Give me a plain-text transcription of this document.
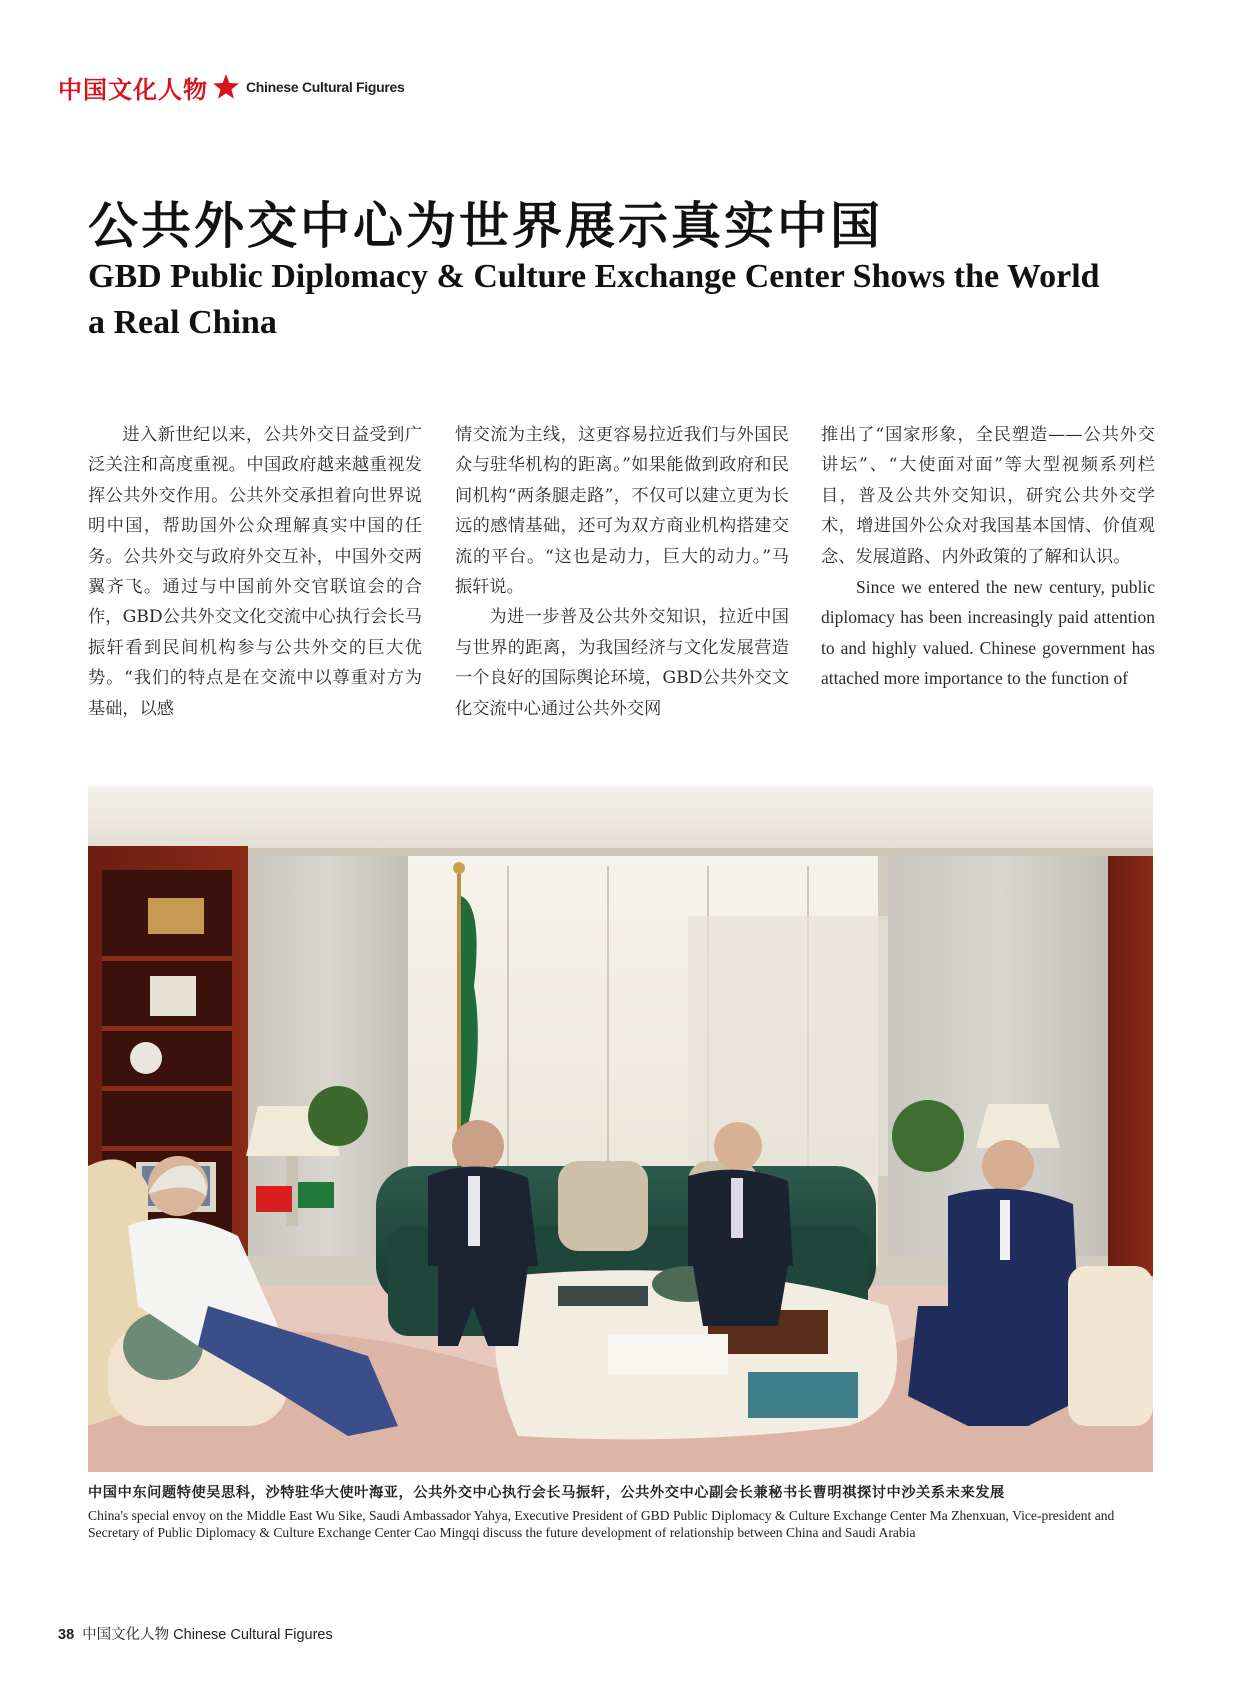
中国文化人物	Chinese Cultural Figures
公共外交中心为世界展示真实中国
GBD Public Diplomacy & Culture Exchange Center Shows the World a Real China

进入新世纪以来，公共外交日益受到广泛关注和高度重视。中国政府越来越重视发挥公共外交作用。公共外交承担着向世界说明中国，帮助国外公众理解真实中国的任务。公共外交与政府外交互补，中国外交两翼齐飞。通过与中国前外交官联谊会的合作，GBD公共外交文化交流中心执行会长马振轩看到民间机构参与公共外交的巨大优势。“我们的特点是在交流中以尊重对方为基础，以感

情交流为主线，这更容易拉近我们与外国民众与驻华机构的距离。”如果能做到政府和民间机构“两条腿走路”，不仅可以建立更为长远的感情基础，还可为双方商业机构搭建交流的平台。“这也是动力，巨大的动力。”马振轩说。

为进一步普及公共外交知识，拉近中国与世界的距离，为我国经济与文化发展营造一个良好的国际舆论环境，GBD公共外交文化交流中心通过公共外交网

推出了“国家形象，全民塑造——公共外交讲坛”、“大使面对面”等大型视频系列栏目，普及公共外交知识，研究公共外交学术，增进国外公众对我国基本国情、价值观念、发展道路、内外政策的了解和认识。

Since we entered the new century, public diplomacy has been increasingly paid attention to and highly valued. Chinese government has attached more importance to the function of

中国中东问题特使吴思科，沙特驻华大使叶海亚，公共外交中心执行会长马振轩，公共外交中心副会长兼秘书长曹明祺探讨中沙关系未来发展
China's special envoy on the Middle East Wu Sike, Saudi Ambassador Yahya, Executive President of GBD Public Diplomacy & Culture Exchange Center Ma Zhenxuan, Vice-president and Secretary of Public Diplomacy & Culture Exchange Center Cao Mingqi discuss the future development of relationship between China and Saudi Arabia
38 中国文化人物 Chinese Cultural Figures
